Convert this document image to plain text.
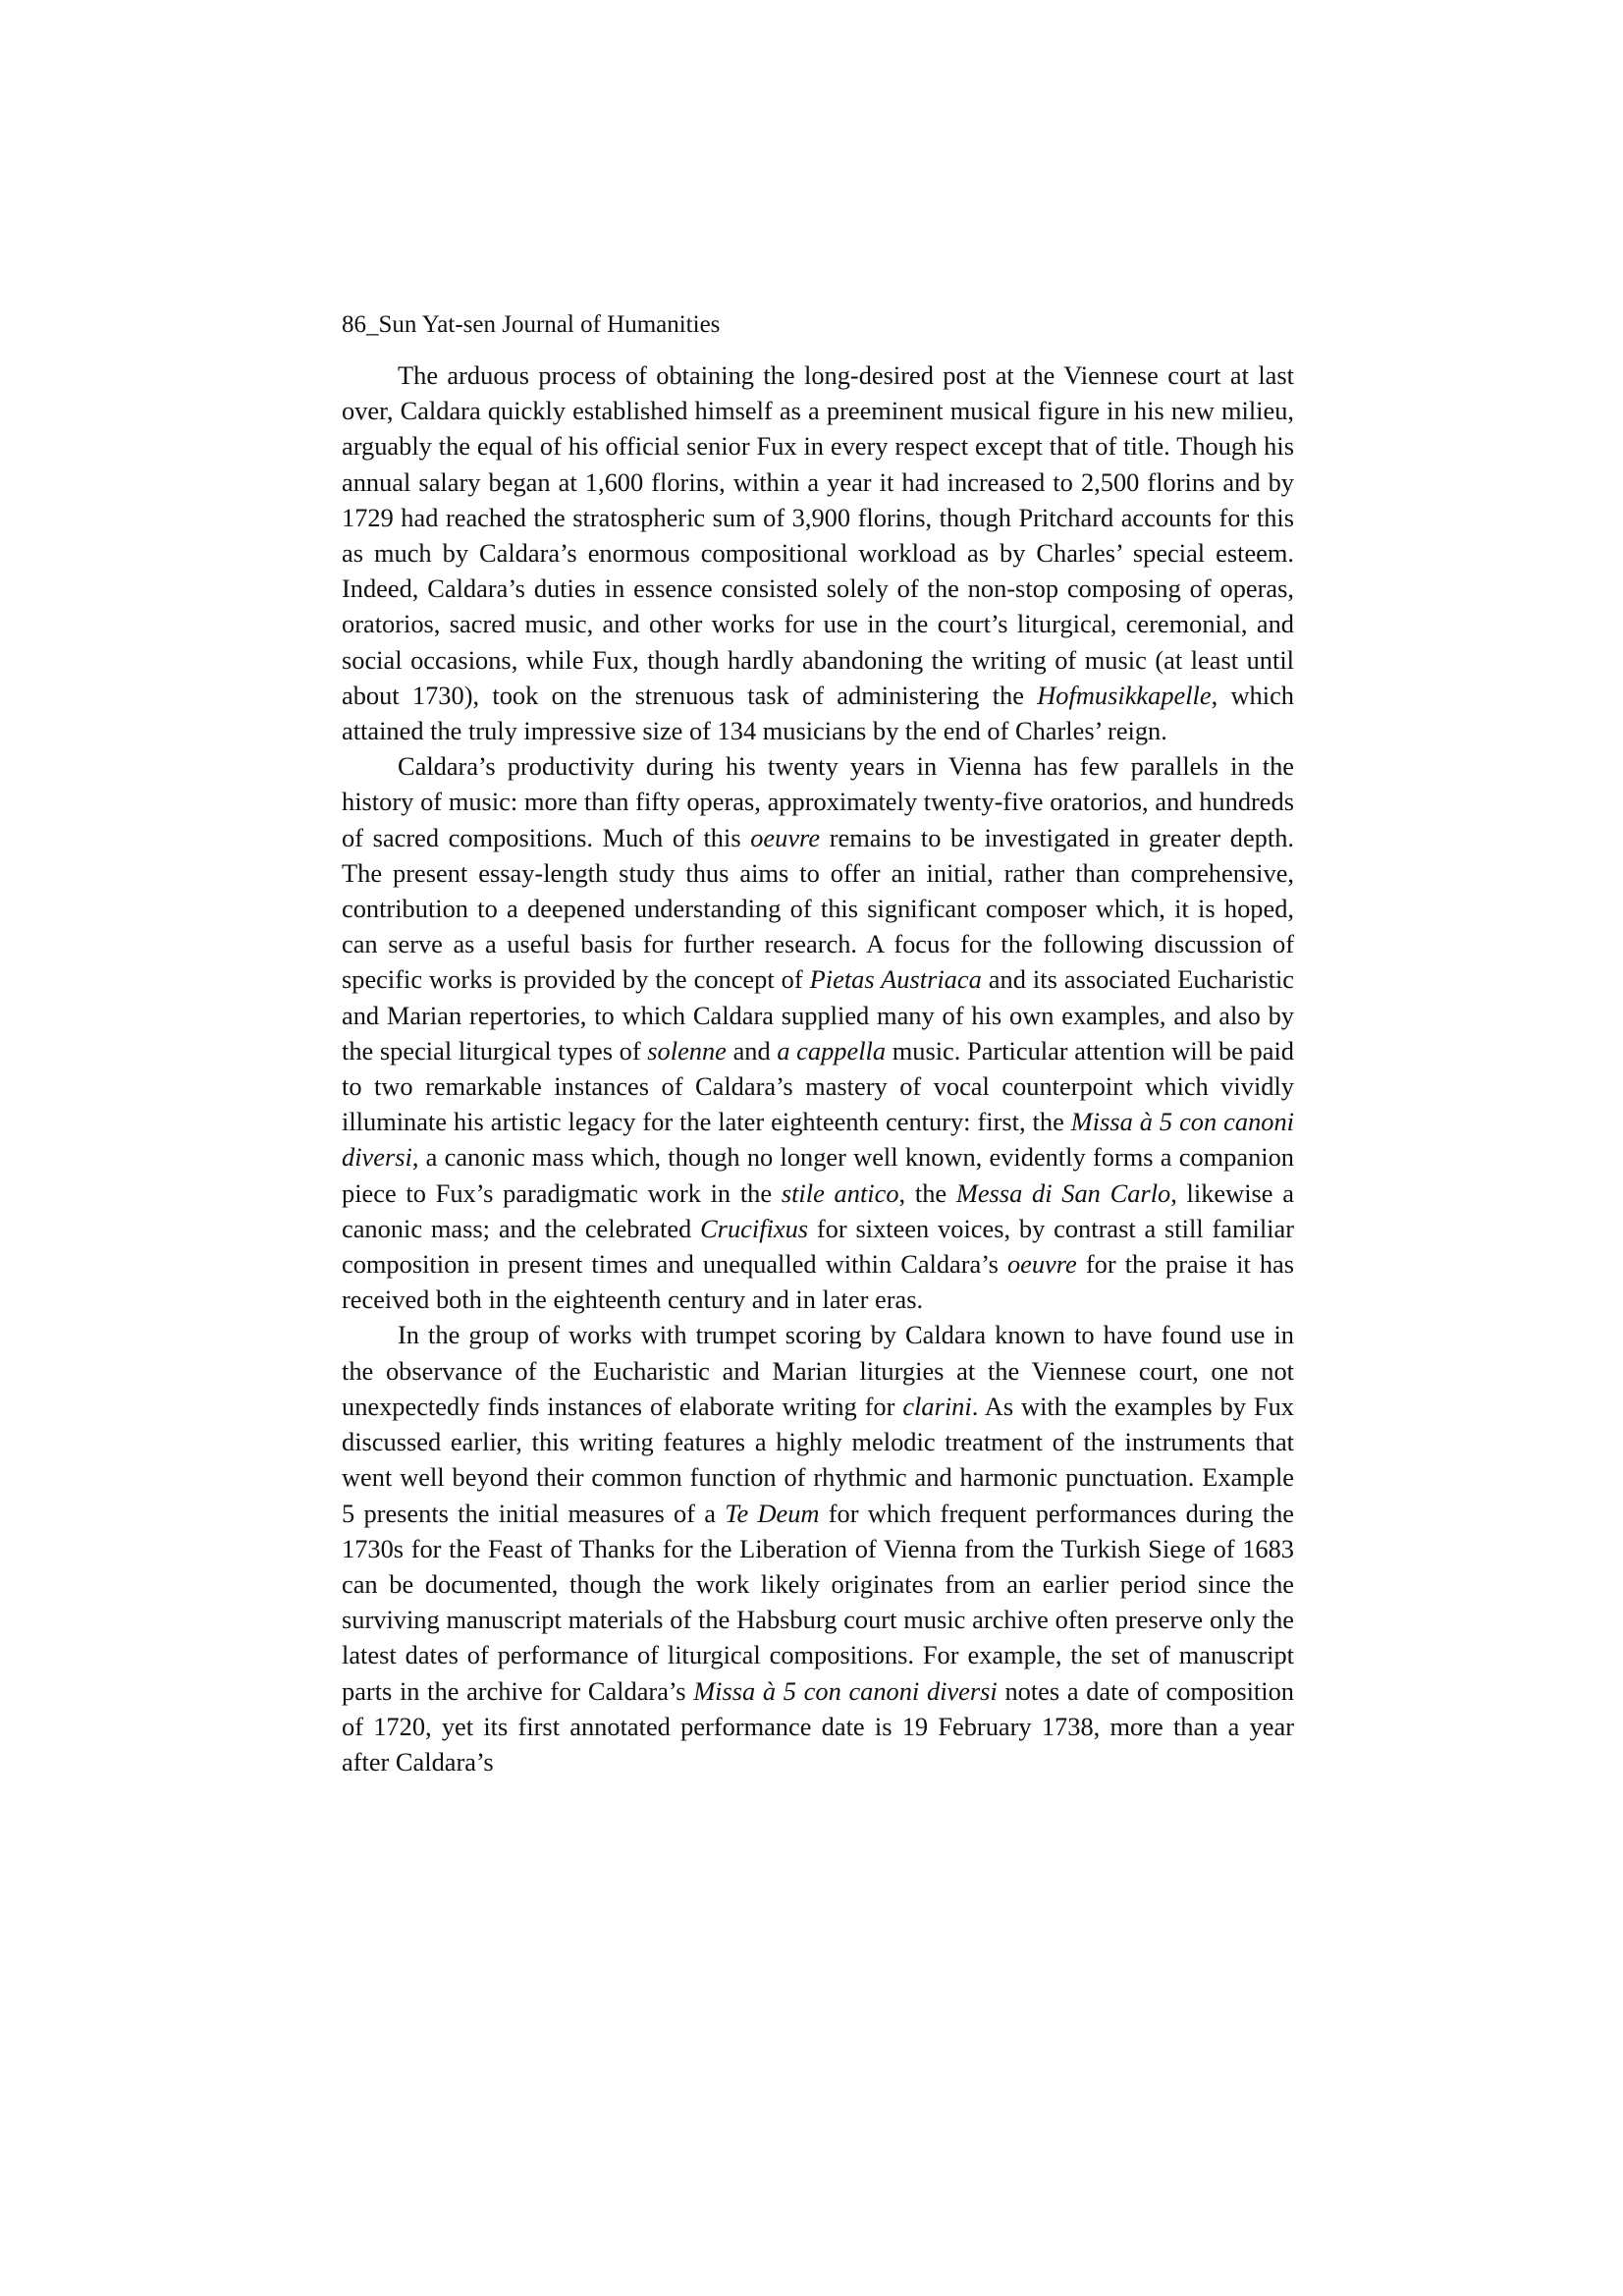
86_Sun Yat-sen Journal of Humanities

The arduous process of obtaining the long-desired post at the Viennese court at last over, Caldara quickly established himself as a preeminent musical figure in his new milieu, arguably the equal of his official senior Fux in every respect except that of title. Though his annual salary began at 1,600 florins, within a year it had increased to 2,500 florins and by 1729 had reached the stratospheric sum of 3,900 florins, though Pritchard accounts for this as much by Caldara’s enormous compositional workload as by Charles’ special esteem. Indeed, Caldara’s duties in essence consisted solely of the non-stop composing of operas, oratorios, sacred music, and other works for use in the court’s liturgical, ceremonial, and social occasions, while Fux, though hardly abandoning the writing of music (at least until about 1730), took on the strenuous task of administering the Hofmusikkapelle, which attained the truly impressive size of 134 musicians by the end of Charles’ reign.

Caldara’s productivity during his twenty years in Vienna has few parallels in the history of music: more than fifty operas, approximately twenty-five oratorios, and hundreds of sacred compositions. Much of this oeuvre remains to be investigated in greater depth. The present essay-length study thus aims to offer an initial, rather than comprehensive, contribution to a deepened understanding of this significant composer which, it is hoped, can serve as a useful basis for further research. A focus for the following discussion of specific works is provided by the concept of Pietas Austriaca and its associated Eucharistic and Marian repertories, to which Caldara supplied many of his own examples, and also by the special liturgical types of solenne and a cappella music. Particular attention will be paid to two remarkable instances of Caldara’s mastery of vocal counterpoint which vividly illuminate his artistic legacy for the later eighteenth century: first, the Missa à 5 con canoni diversi, a canonic mass which, though no longer well known, evidently forms a companion piece to Fux’s paradigmatic work in the stile antico, the Messa di San Carlo, likewise a canonic mass; and the celebrated Crucifixus for sixteen voices, by contrast a still familiar composition in present times and unequalled within Caldara’s oeuvre for the praise it has received both in the eighteenth century and in later eras.

In the group of works with trumpet scoring by Caldara known to have found use in the observance of the Eucharistic and Marian liturgies at the Viennese court, one not unexpectedly finds instances of elaborate writing for clarini. As with the examples by Fux discussed earlier, this writing features a highly melodic treatment of the instruments that went well beyond their common function of rhythmic and harmonic punctuation. Example 5 presents the initial measures of a Te Deum for which frequent performances during the 1730s for the Feast of Thanks for the Liberation of Vienna from the Turkish Siege of 1683 can be documented, though the work likely originates from an earlier period since the surviving manuscript materials of the Habsburg court music archive often preserve only the latest dates of performance of liturgical compositions. For example, the set of manuscript parts in the archive for Caldara’s Missa à 5 con canoni diversi notes a date of composition of 1720, yet its first annotated performance date is 19 February 1738, more than a year after Caldara’s
